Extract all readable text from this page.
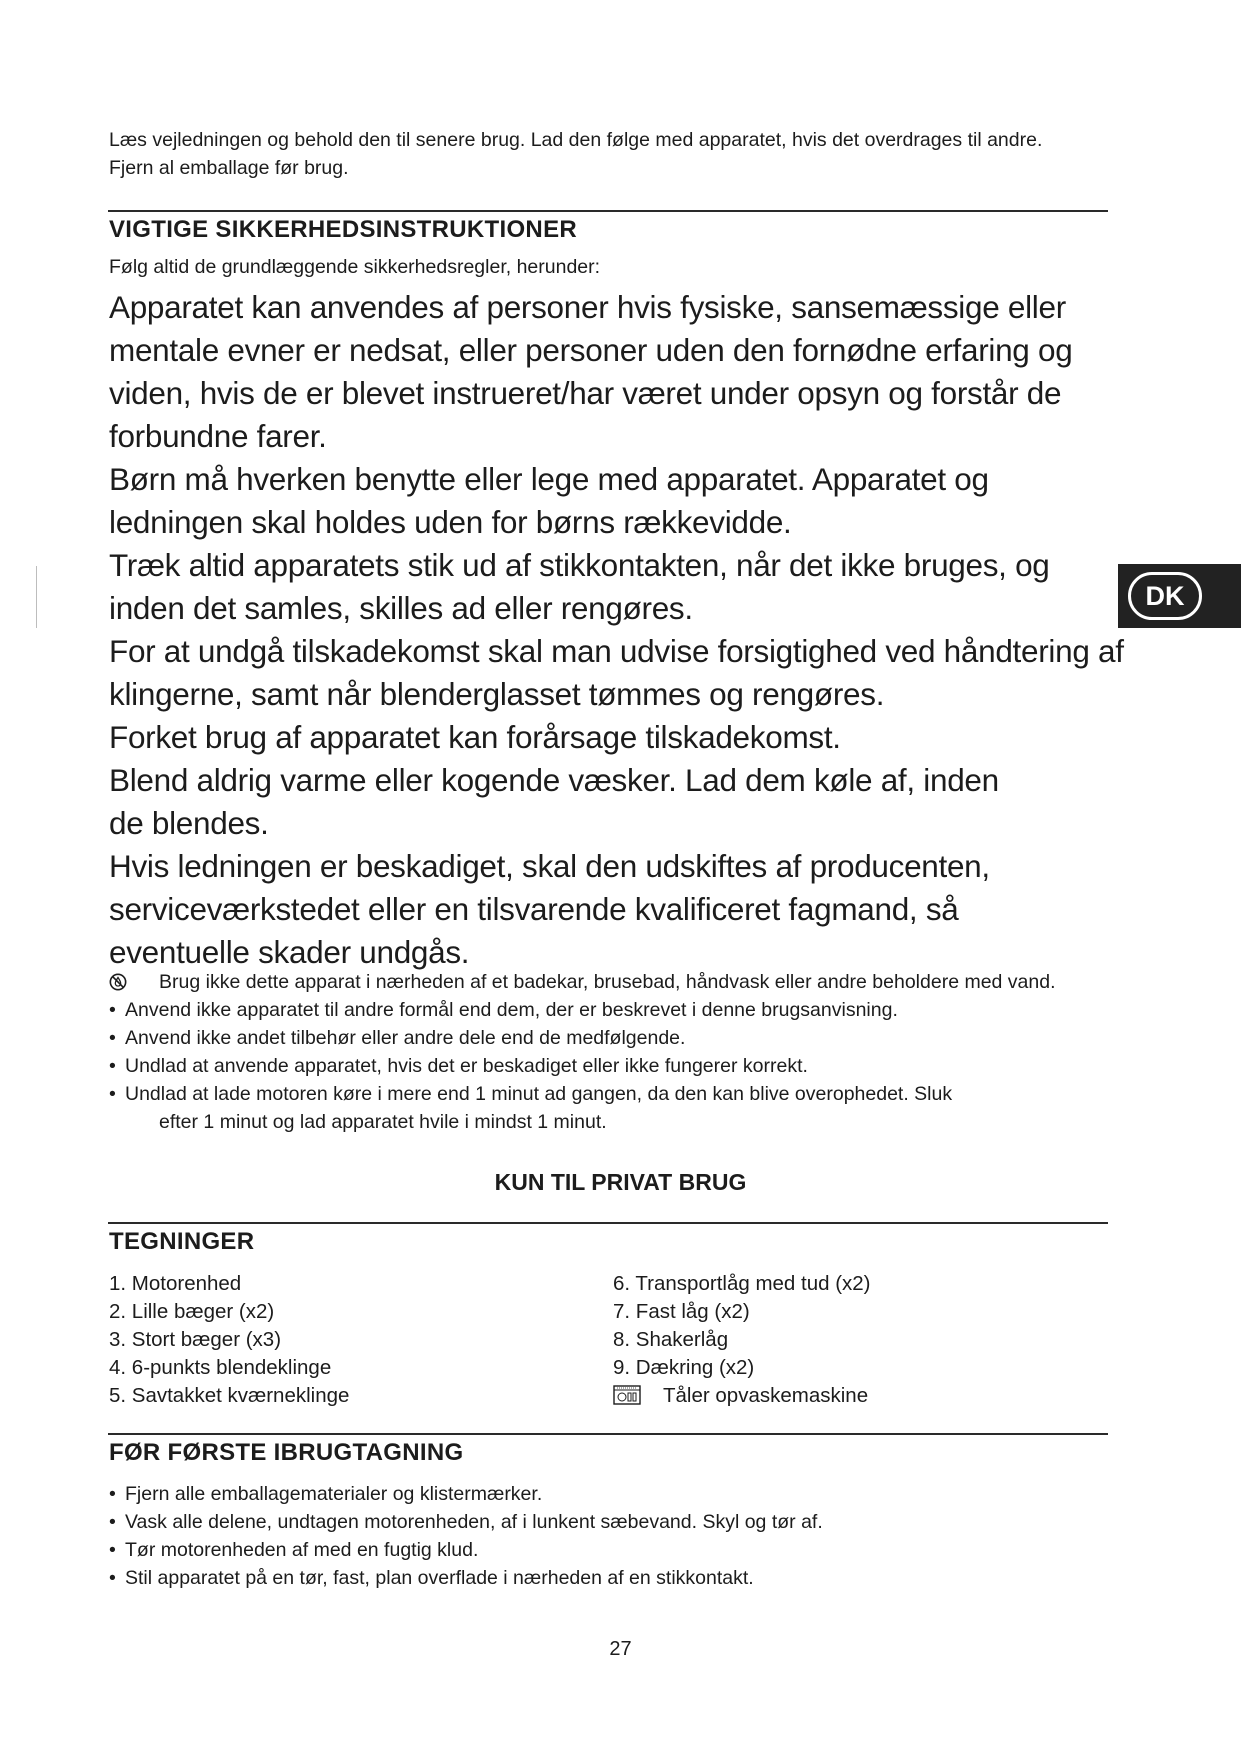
Læs vejledningen og behold den til senere brug. Lad den følge med apparatet, hvis det overdrages til andre. Fjern al emballage før brug.
VIGTIGE SIKKERHEDSINSTRUKTIONER
Følg altid de grundlæggende sikkerhedsregler, herunder:

Apparatet kan anvendes af personer hvis fysiske, sansemæssige eller mentale evner er nedsat, eller personer uden den fornødne erfaring og viden, hvis de er blevet instrueret/har været under opsyn og forstår de forbundne farer.

Børn må hverken benytte eller lege med apparatet. Apparatet og ledningen skal holdes uden for børns rækkevidde.

Træk altid apparatets stik ud af stikkontakten, når det ikke bruges, og inden det samles, skilles ad eller rengøres.

For at undgå tilskadekomst skal man udvise forsigtighed ved håndtering af klingerne, samt når blenderglasset tømmes og rengøres.

Forket brug af apparatet kan forårsage tilskadekomst.

Blend aldrig varme eller kogende væsker. Lad dem køle af, inden de blendes.

Hvis ledningen er beskadiget, skal den udskiftes af producenten, serviceværkstedet eller en tilsvarende kvalificeret fagmand, så eventuelle skader undgås.

Brug ikke dette apparat i nærheden af et badekar, brusebad, håndvask eller andre beholdere med vand.
• Anvend ikke apparatet til andre formål end dem, der er beskrevet i denne brugsanvisning.
• Anvend ikke andet tilbehør eller andre dele end de medfølgende.
• Undlad at anvende apparatet, hvis det er beskadiget eller ikke fungerer korrekt.
• Undlad at lade motoren køre i mere end 1 minut ad gangen, da den kan blive overophedet. Sluk
efter 1 minut og lad apparatet hvile i mindst 1 minut.
KUN TIL PRIVAT BRUG
TEGNINGER
1. Motorenhed
2. Lille bæger (x2)
3. Stort bæger (x3)
4. 6-punkts blendeklinge
5. Savtakket kværneklinge
6. Transportlåg med tud (x2)
7. Fast låg (x2)
8. Shakerlåg
9. Dækring (x2)
Tåler opvaskemaskine
FØR FØRSTE IBRUGTAGNING
• Fjern alle emballagematerialer og klistermærker.
• Vask alle delene, undtagen motorenheden, af i lunkent sæbevand. Skyl og tør af.
• Tør motorenheden af med en fugtig klud.
• Stil apparatet på en tør, fast, plan overflade i nærheden af en stikkontakt.
DK
27
